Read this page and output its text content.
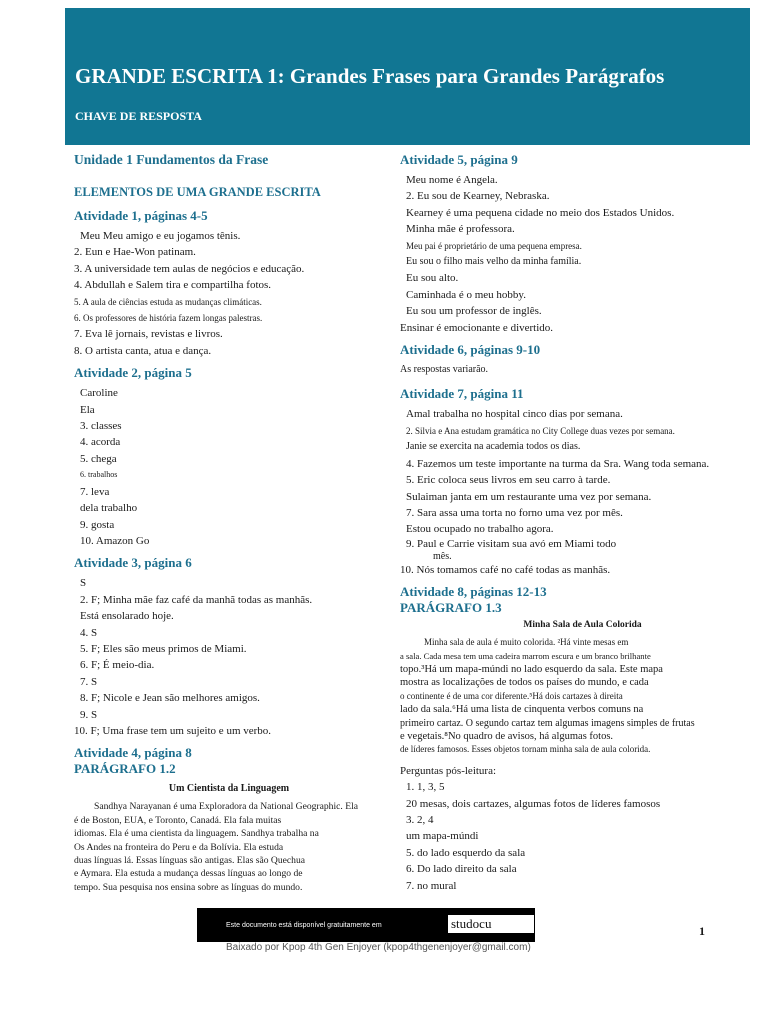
GRANDE ESCRITA 1: Grandes Frases para Grandes Parágrafos
CHAVE DE RESPOSTA
Unidade 1 Fundamentos da Frase
ELEMENTOS DE UMA GRANDE ESCRITA
Atividade 1, páginas 4-5
Meu Meu amigo e eu jogamos tênis.
2. Eun e Hae-Won patinam.
3. A universidade tem aulas de negócios e educação.
4. Abdullah e Salem tira e compartilha fotos.
5. A aula de ciências estuda as mudanças climáticas.
6. Os professores de história fazem longas palestras.
7. Eva lê jornais, revistas e livros.
8. O artista canta, atua e dança.
Atividade 2, página 5
Caroline
Ela
3. classes
4. acorda
5. chega
6. trabalhos
7. leva
dela trabalho
9. gosta
10. Amazon Go
Atividade 3, página 6
S
2. F; Minha mãe faz café da manhã todas as manhãs.
Está ensolarado hoje.
4. S
5. F; Eles são meus primos de Miami.
6. F; É meio-dia.
7. S
8. F; Nicole e Jean são melhores amigos.
9. S
10. F; Uma frase tem um sujeito e um verbo.
Atividade 4, página 8
PARÁGRAFO 1.2
Um Cientista da Linguagem
Sandhya Narayanan é uma Exploradora da National Geographic. Ela
é de Boston, EUA, e Toronto, Canadá. Ela fala muitas
idiomas. Ela é uma cientista da linguagem. Sandhya trabalha na
Os Andes na fronteira do Peru e da Bolívia. Ela estuda
duas línguas lá. Essas línguas são antigas. Elas são Quechua
e Aymara. Ela estuda a mudança dessas línguas ao longo de
tempo. Sua pesquisa nos ensina sobre as línguas do mundo.
Atividade 5, página 9
Meu nome é Angela.
2. Eu sou de Kearney, Nebraska.
Kearney é uma pequena cidade no meio dos Estados Unidos.
Minha mãe é professora.
Meu pai é proprietário de uma pequena empresa.
Eu sou o filho mais velho da minha família.
Eu sou alto.
Caminhada é o meu hobby.
Eu sou um professor de inglês.
Ensinar é emocionante e divertido.
Atividade 6, páginas 9-10
As respostas variarão.
Atividade 7, página 11
Amal trabalha no hospital cinco dias por semana.
2. Silvia e Ana estudam gramática no City College duas vezes por semana.
Janie se exercita na academia todos os dias.
4. Fazemos um teste importante na turma da Sra. Wang toda semana.
5. Eric coloca seus livros em seu carro à tarde.
Sulaiman janta em um restaurante uma vez por semana.
7. Sara assa uma torta no forno uma vez por mês.
Estou ocupado no trabalho agora.
9. Paul e Carrie visitam sua avó em Miami todo
mês.
10. Nós tomamos café no café todas as manhãs.
Atividade 8, páginas 12-13
PARÁGRAFO 1.3
Minha Sala de Aula Colorida
Minha sala de aula é muito colorida. ²Há vinte mesas em
a sala. Cada mesa tem uma cadeira marrom escura e um branco brilhante
topo.³Há um mapa-múndi no lado esquerdo da sala. Este mapa
mostra as localizações de todos os países do mundo, e cada
o continente é de uma cor diferente.⁵Há dois cartazes à direita
lado da sala.⁶Há uma lista de cinquenta verbos comuns na
primeiro cartaz. O segundo cartaz tem algumas imagens simples de frutas
e vegetais.⁸No quadro de avisos, há algumas fotos.
de líderes famosos. Esses objetos tornam minha sala de aula colorida.
Perguntas pós-leitura:
1. 1, 3, 5
20 mesas, dois cartazes, algumas fotos de líderes famosos
3. 2, 4
um mapa-múndi
5. do lado esquerdo da sala
6. Do lado direito da sala
7. no mural
Este documento está disponível gratuitamente em	studocu
Baixado por Kpop 4th Gen Enjoyer (kpop4thgenenjoyer@gmail.com)
1
